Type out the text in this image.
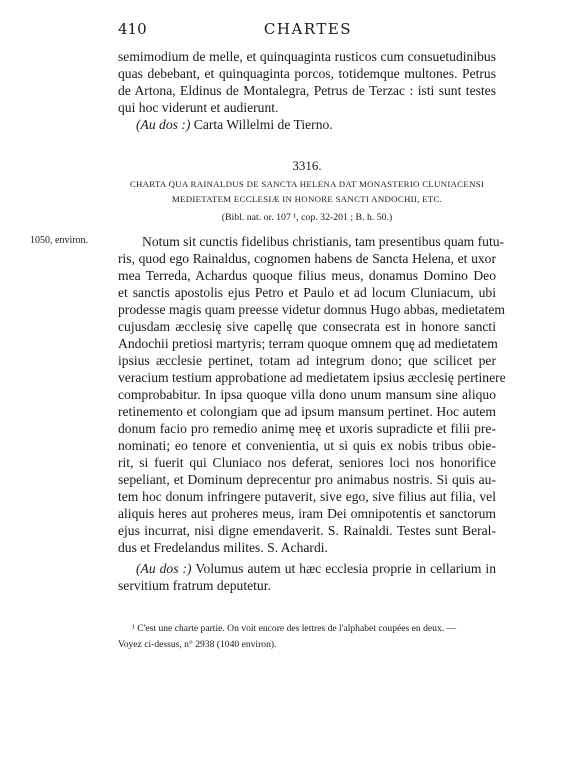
410	CHARTES
semimodium de melle, et quinquaginta rusticos cum consuetudinibus
quas debebant, et quinquaginta porcos, totidemque multones. Petrus
de Artona, Eldinus de Montalegra, Petrus de Terzac : isti sunt testes
qui hoc viderunt et audierunt.
(Au dos :) Carta Willelmi de Tierno.
3316.
CHARTA QUA RAINALDUS DE SANCTA HELENA DAT MONASTERIO CLUNIACENSI
MEDIETATEM ECCLESIÆ IN HONORE SANCTI ANDOCHII, ETC.
(Bibl. nat. or. 107 ¹, cop. 32-201 ; B. h. 50.)
1050, environ.	Notum sit cunctis fidelibus christianis, tam presentibus quam futu-
ris, quod ego Rainaldus, cognomen habens de Sancta Helena, et uxor
mea Terreda, Achardus quoque filius meus, donamus Domino Deo
et sanctis apostolis ejus Petro et Paulo et ad locum Cluniacum, ubi
prodesse magis quam preesse videtur domnus Hugo abbas, medietatem
cujusdam æcclesię sive capellę que consecrata est in honore sancti
Andochii pretiosi martyris; terram quoque omnem quę ad medietatem
ipsius æcclesie pertinet, totam ad integrum dono; que scilicet per
veracium testium approbatione ad medietatem ipsius æcclesię pertinere
comprobabitur. In ipsa quoque villa dono unum mansum sine aliquo
retinemento et colongiam que ad ipsum mansum pertinet. Hoc autem
donum facio pro remedio animę meę et uxoris supradicte et filii pre-
nominati; eo tenore et convenientia, ut si quis ex nobis tribus obie-
rit, si fuerit qui Cluniaco nos deferat, seniores loci nos honorifice
sepeliant, et Dominum deprecentur pro animabus nostris. Si quis au-
tem hoc donum infringere putaverit, sive ego, sive filius aut filia, vel
aliquis heres aut proheres meus, iram Dei omnipotentis et sanctorum
ejus incurrat, nisi digne emendaverit. S. Rainaldi. Testes sunt Beral-
dus et Fredelandus milites. S. Achardi.
(Au dos :) Volumus autem ut hæc ecclesia proprie in cellarium in
servitium fratrum deputetur.
¹ C'est une charte partie. On voit encore des lettres de l'alphabet coupées en deux. —
Voyez ci-dessus, n° 2938 (1040 environ).
